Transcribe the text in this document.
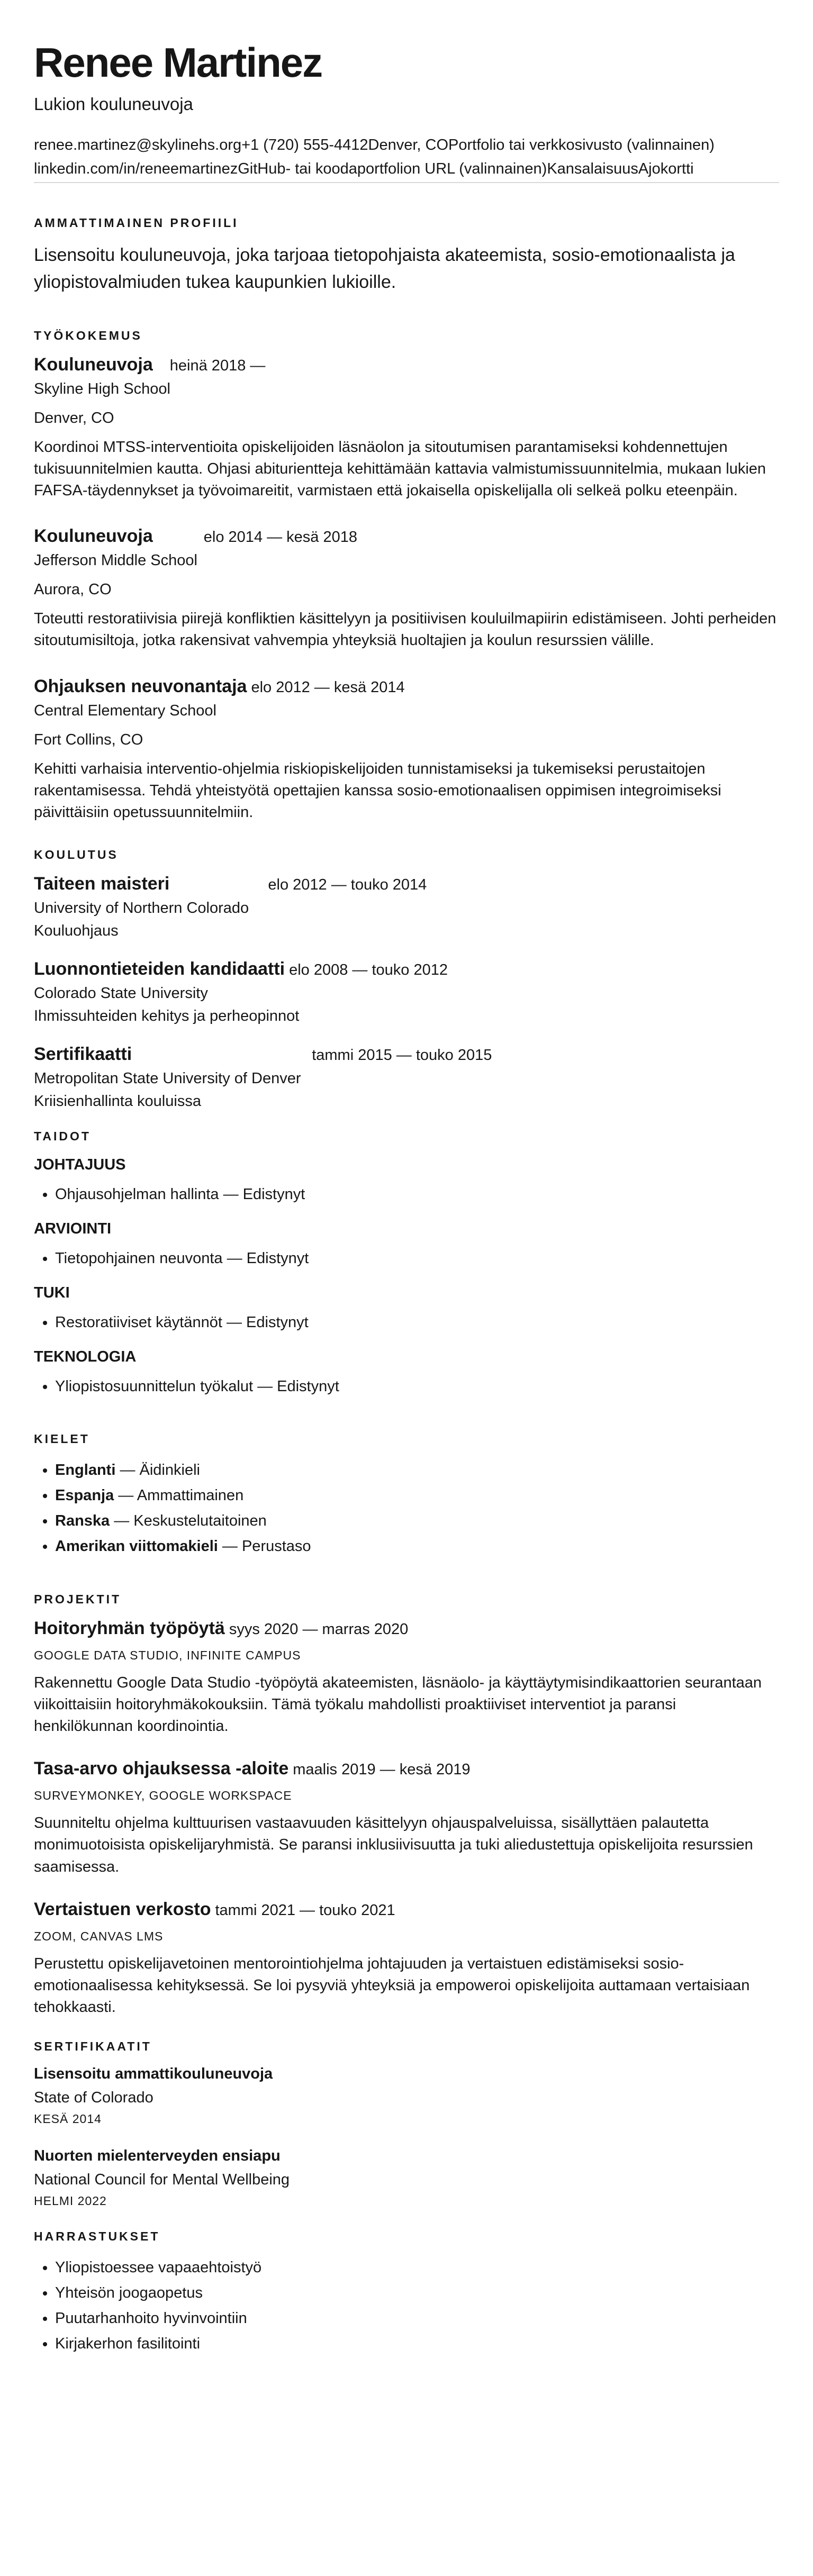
Renee Martinez

Lukion kouluneuvoja

renee.martinez@skylinehs.org +1 (720) 555-4412 Denver, CO Portfolio tai verkkosivusto (valinnainen)
linkedin.com/in/reneemartinez GitHub- tai koodaportfolion URL (valinnainen) Kansalaisuus Ajokortti
AMMATTIMAINEN PROFIILI
Lisensoitu kouluneuvoja, joka tarjoaa tietopohjaista akateemista, sosio-emotionaalista ja yliopistovalmiuden tukea kaupunkien lukioille.
TYÖKOKEMUS
Kouluneuvoja heinä 2018 —
Skyline High School
Denver, CO
Koordinoi MTSS-interventioita opiskelijoiden läsnäolon ja sitoutumisen parantamiseksi kohdennettujen tukisuunnitelmien kautta. Ohjasi abiturientteja kehittämään kattavia valmistumissuunnitelmia, mukaan lukien FAFSA-täydennykset ja työvoimareitit, varmistaen että jokaisella opiskelijalla oli selkeä polku eteenpäin.
Kouluneuvoja	elo 2014 — kesä 2018
Jefferson Middle School
Aurora, CO
Toteutti restoratiivisia piirejä konfliktien käsittelyyn ja positiivisen kouluilmapiirin edistämiseen. Johti perheiden sitoutumisiltoja, jotka rakensivat vahvempia yhteyksiä huoltajien ja koulun resurssien välille.
Ohjauksen neuvonantaja elo 2012 — kesä 2014
Central Elementary School
Fort Collins, CO
Kehitti varhaisia interventio-ohjelmia riskiopiskelijoiden tunnistamiseksi ja tukemiseksi perustaitojen rakentamisessa. Tehdä yhteistyötä opettajien kanssa sosio-emotionaalisen oppimisen integroimiseksi päivittäisiin opetussuunnitelmiin.
KOULUTUS
Taiteen maisteri	elo 2012 — touko 2014
University of Northern Colorado
Kouluohjaus
Luonnontieteiden kandidaatti elo 2008 — touko 2012
Colorado State University
Ihmissuhteiden kehitys ja perheopinnot
Sertifikaatti	tammi 2015 — touko 2015
Metropolitan State University of Denver
Kriisienhallinta kouluissa
TAIDOT
JOHTAJUUS
• Ohjausohjelman hallinta — Edistynyt
ARVIOINTI
• Tietopohjainen neuvonta — Edistynyt
TUKI
• Restoratiiviset käytännöt — Edistynyt
TEKNOLOGIA
• Yliopistosuunnittelun työkalut — Edistynyt
KIELET
• Englanti — Äidinkieli
• Espanja — Ammattimainen
• Ranska — Keskustelutaitoinen
• Amerikan viittomakieli — Perustaso
PROJEKTIT
Hoitoryhmän työpöytä syys 2020 — marras 2020
GOOGLE DATA STUDIO, INFINITE CAMPUS
Rakennettu Google Data Studio -työpöytä akateemisten, läsnäolo- ja käyttäytymisindikaattorien seurantaan viikoittaisiin hoitoryhmäkokouksiin. Tämä työkalu mahdollisti proaktiiviset interventiot ja paransi henkilökunnan koordinointia.
Tasa-arvo ohjauksessa -aloite maalis 2019 — kesä 2019
SURVEYMONKEY, GOOGLE WORKSPACE
Suunniteltu ohjelma kulttuurisen vastaavuuden käsittelyyn ohjauspalveluissa, sisällyttäen palautetta monimuotoisista opiskelijaryhmistä. Se paransi inklusiivisuutta ja tuki aliedustettuja opiskelijoita resurssien saamisessa.
Vertaistuen verkosto tammi 2021 — touko 2021
ZOOM, CANVAS LMS
Perustettu opiskelijavetoinen mentorointiohjelma johtajuuden ja vertaistuen edistämiseksi sosio-emotionaalisessa kehityksessä. Se loi pysyviä yhteyksiä ja empoweroi opiskelijoita auttamaan vertaisiaan tehokkaasti.
SERTIFIKAATIT
Lisensoitu ammattikouluneuvoja
State of Colorado
KESÄ 2014
Nuorten mielenterveyden ensiapu
National Council for Mental Wellbeing
HELMI 2022
HARRASTUKSET
• Yliopistoessee vapaaehtoistyö
• Yhteisön joogaopetus
• Puutarhanhoito hyvinvointiin
• Kirjakerhon fasilitointi
